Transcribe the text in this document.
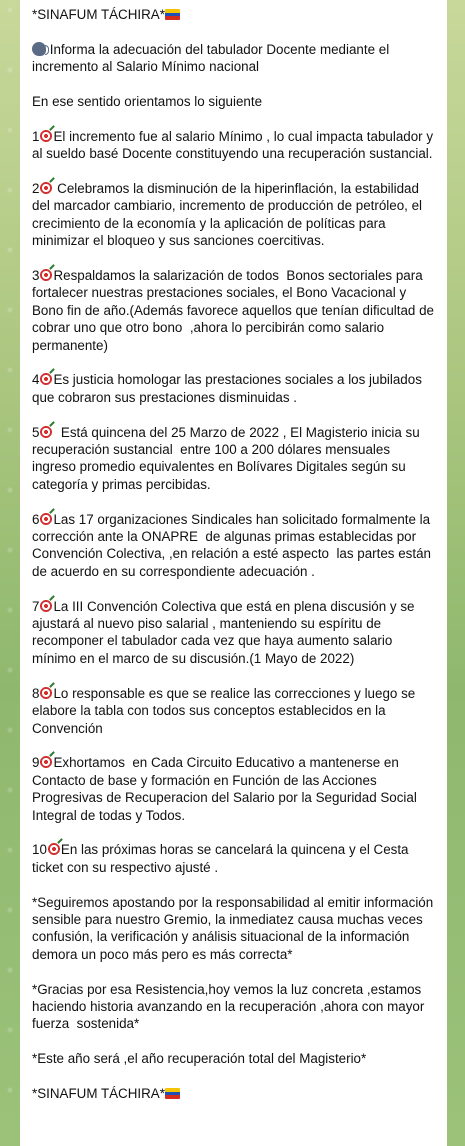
*SINAFUM TÁCHIRA*

Informa la adecuación del tabulador Docente mediante el incremento al Salario Mínimo nacional

En ese sentido orientamos lo siguiente

1 El incremento fue al salario Mínimo , lo cual impacta tabulador y al sueldo basé Docente constituyendo una recuperación sustancial.

2 Celebramos la disminución de la hiperinflación, la estabilidad del marcador cambiario, incremento de producción de petróleo, el crecimiento de la economía y la aplicación de políticas para minimizar el bloqueo y sus sanciones coercitivas.

3 Respaldamos la salarización de todos  Bonos sectoriales para fortalecer nuestras prestaciones sociales, el Bono Vacacional y Bono fin de año.(Además favorece aquellos que tenían dificultad de cobrar uno que otro bono  ,ahora lo percibirán como salario permanente)

4 Es justicia homologar las prestaciones sociales a los jubilados que cobraron sus prestaciones disminuidas .

5  Está quincena del 25 Marzo de 2022 , El Magisterio inicia su recuperación sustancial  entre 100 a 200 dólares mensuales  ingreso promedio equivalentes en Bolívares Digitales según su categoría y primas percibidas.

6 Las 17 organizaciones Sindicales han solicitado formalmente la corrección ante la ONAPRE  de algunas primas establecidas por Convención Colectiva, ,en relación a esté aspecto  las partes están de acuerdo en su correspondiente adecuación .

7 La III Convención Colectiva que está en plena discusión y se ajustará al nuevo piso salarial , manteniendo su espíritu de recomponer el tabulador cada vez que haya aumento salario mínimo en el marco de su discusión.(1 Mayo de 2022)

8 Lo responsable es que se realice las correcciones y luego se elabore la tabla con todos sus conceptos establecidos en la Convención

9 Exhortamos  en Cada Circuito Educativo a mantenerse en Contacto de base y formación en Función de las Acciones Progresivas de Recuperacion del Salario por la Seguridad Social Integral de todas y Todos.

10 En las próximas horas se cancelará la quincena y el Cesta ticket con su respectivo ajusté .

*Seguiremos apostando por la responsabilidad al emitir información sensible para nuestro Gremio, la inmediatez causa muchas veces confusión, la verificación y análisis situacional de la información demora un poco más pero es más correcta*

*Gracias por esa Resistencia,hoy vemos la luz concreta ,estamos haciendo historia avanzando en la recuperación ,ahora con mayor fuerza  sostenida*

*Este año será ,el año recuperación total del Magisterio*

*SINAFUM TÁCHIRA*
